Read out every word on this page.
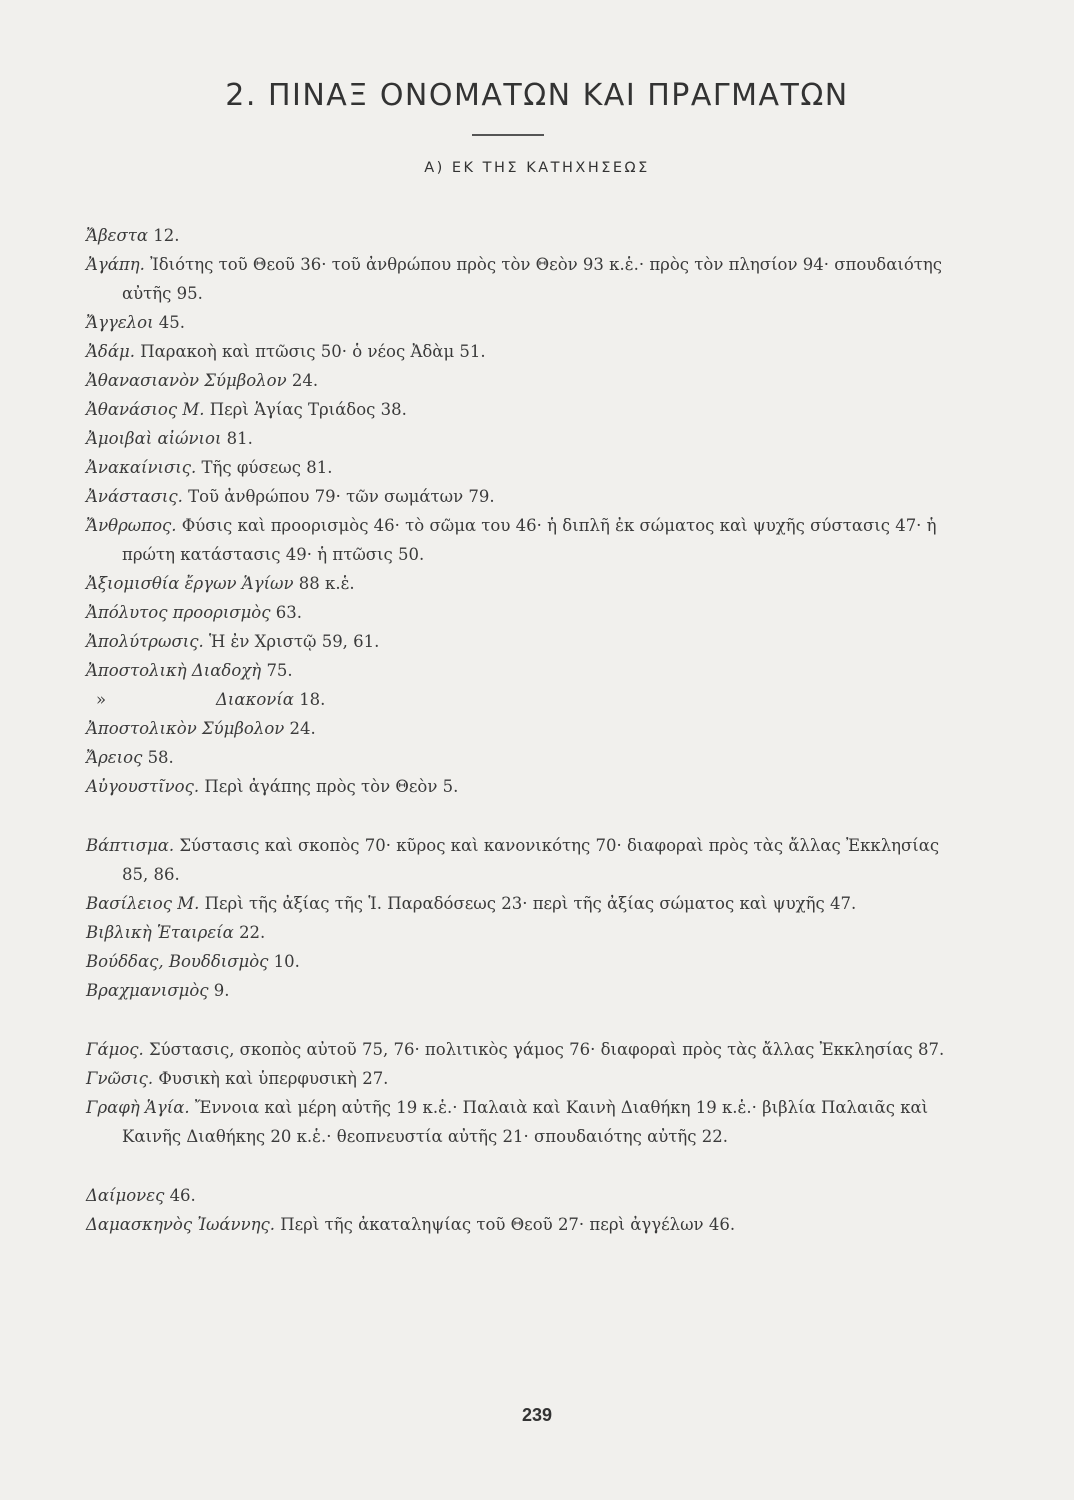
2. ΠΙΝΑΞ ΟΝΟΜΑΤΩΝ ΚΑΙ ΠΡΑΓΜΑΤΩΝ
Α) ΕΚ ΤΗΣ ΚΑΤΗΧΗΣΕΩΣ
Ἄβεστα 12.
Ἀγάπη. Ἰδιότης τοῦ Θεοῦ 36· τοῦ ἀνθρώπου πρὸς τὸν Θεὸν 93 κ.ἑ.· πρὸς τὸν πλησίον 94· σπουδαιότης αὐτῆς 95.
Ἄγγελοι 45.
Ἀδάμ. Παρακοὴ καὶ πτῶσις 50· ὁ νέος Ἀδὰμ 51.
Ἀθανασιανὸν Σύμβολον 24.
Ἀθανάσιος Μ. Περὶ Ἁγίας Τριάδος 38.
Ἀμοιβαὶ αἰώνιοι 81.
Ἀνακαίνισις. Τῆς φύσεως 81.
Ἀνάστασις. Τοῦ ἀνθρώπου 79· τῶν σωμάτων 79.
Ἄνθρωπος. Φύσις καὶ προορισμὸς 46· τὸ σῶμα του 46· ἡ διπλῆ ἐκ σώματος καὶ ψυχῆς σύστασις 47· ἡ πρώτη κατάστασις 49· ἡ πτῶσις 50.
Ἀξιομισθία ἔργων Ἁγίων 88 κ.ἑ.
Ἀπόλυτος προορισμὸς 63.
Ἀπολύτρωσις. Ἡ ἐν Χριστῷ 59, 61.
Ἀποστολικὴ Διαδοχὴ 75.
»	Διακονία 18.
Ἀποστολικὸν Σύμβολον 24.
Ἄρειος 58.
Αὐγουστῖνος. Περὶ ἀγάπης πρὸς τὸν Θεὸν 5.
Βάπτισμα. Σύστασις καὶ σκοπὸς 70· κῦρος καὶ κανονικότης 70· διαφοραὶ πρὸς τὰς ἄλλας Ἐκκλησίας 85, 86.
Βασίλειος Μ. Περὶ τῆς ἀξίας τῆς Ἱ. Παραδόσεως 23· περὶ τῆς ἀξίας σώματος καὶ ψυχῆς 47.
Βιβλικὴ Ἑταιρεία 22.
Βούδδας, Βουδδισμὸς 10.
Βραχμανισμὸς 9.
Γάμος. Σύστασις, σκοπὸς αὐτοῦ 75, 76· πολιτικὸς γάμος 76· διαφοραὶ πρὸς τὰς ἄλλας Ἐκκλησίας 87.
Γνῶσις. Φυσικὴ καὶ ὑπερφυσικὴ 27.
Γραφὴ Ἁγία. Ἔννοια καὶ μέρη αὐτῆς 19 κ.ἑ.· Παλαιὰ καὶ Καινὴ Διαθήκη 19 κ.ἑ.· βιβλία Παλαιᾶς καὶ Καινῆς Διαθήκης 20 κ.ἑ.· θεοπνευστία αὐτῆς 21· σπουδαιότης αὐτῆς 22.
Δαίμονες 46.
Δαμασκηνὸς Ἰωάννης. Περὶ τῆς ἀκαταληψίας τοῦ Θεοῦ 27· περὶ ἀγγέλων 46.
239
